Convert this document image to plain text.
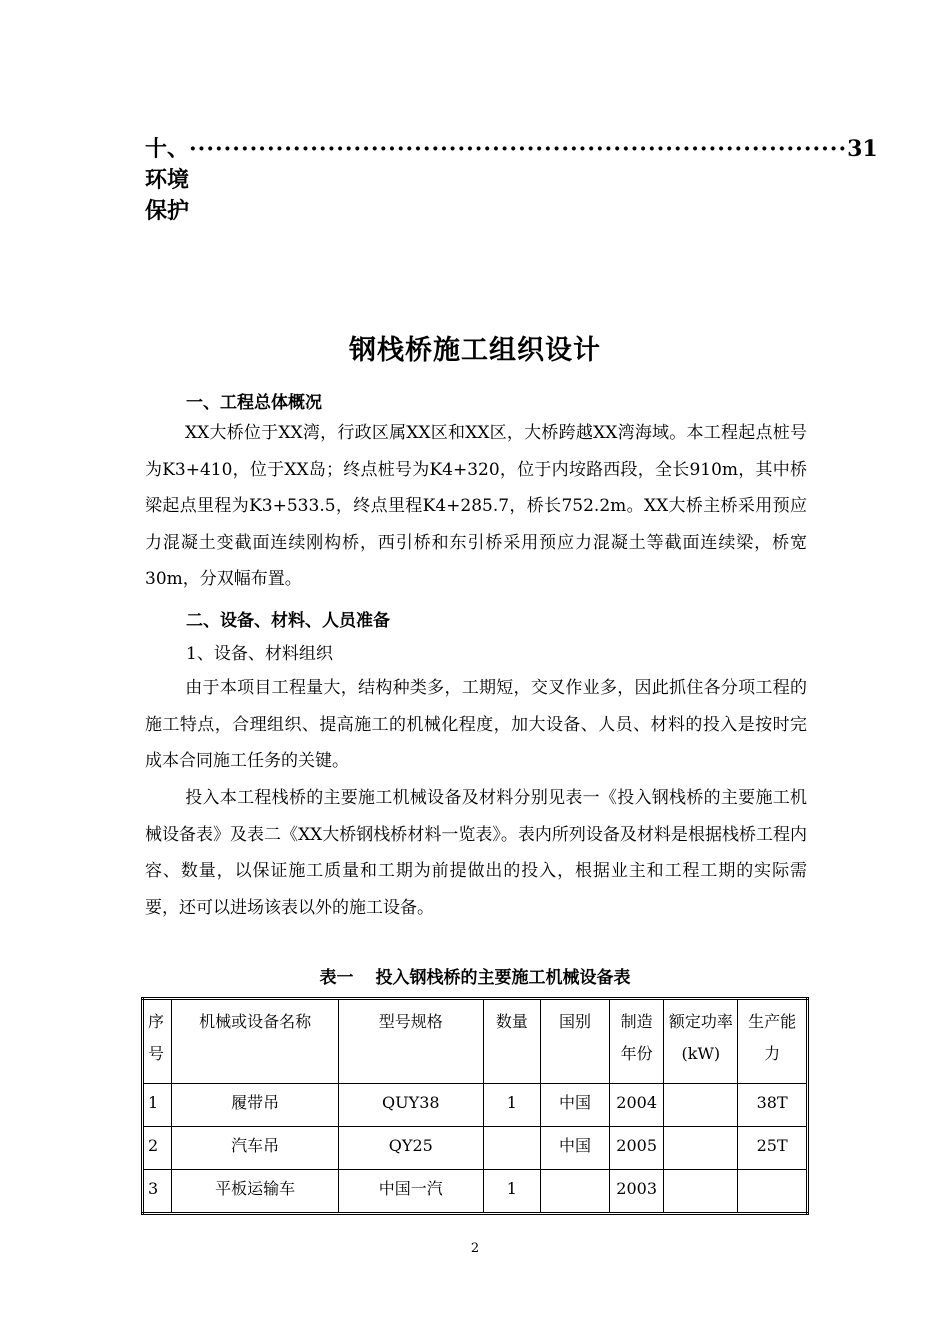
十、环境保护
············································································ 31
钢栈桥施工组织设计
一、工程总体概况
XX大桥位于XX湾，行政区属XX区和XX区，大桥跨越XX湾海域。本工程起点桩号为K3+410，位于XX岛；终点桩号为K4+320，位于内垵路西段，全长910m，其中桥梁起点里程为K3+533.5，终点里程K4+285.7，桥长752.2m。XX大桥主桥采用预应力混凝土变截面连续刚构桥，西引桥和东引桥采用预应力混凝土等截面连续梁，桥宽30m，分双幅布置。
二、设备、材料、人员准备
1、设备、材料组织
由于本项目工程量大，结构种类多，工期短，交叉作业多，因此抓住各分项工程的施工特点，合理组织、提高施工的机械化程度，加大设备、人员、材料的投入是按时完成本合同施工任务的关键。
投入本工程栈桥的主要施工机械设备及材料分别见表一《投入钢栈桥的主要施工机械设备表》及表二《XX大桥钢栈桥材料一览表》。表内所列设备及材料是根据栈桥工程内容、数量，以保证施工质量和工期为前提做出的投入，根据业主和工程工期的实际需要，还可以进场该表以外的施工设备。
表一 投入钢栈桥的主要施工机械设备表
序号	机械或设备名称	型号规格	数量	国别	制造年份	额定功率(kW)	生产能力
1	履带吊	QUY38	1	中国	2004		38T
2	汽车吊	QY25		中国	2005		25T
3	平板运输车	中国一汽	1		2003		
2
